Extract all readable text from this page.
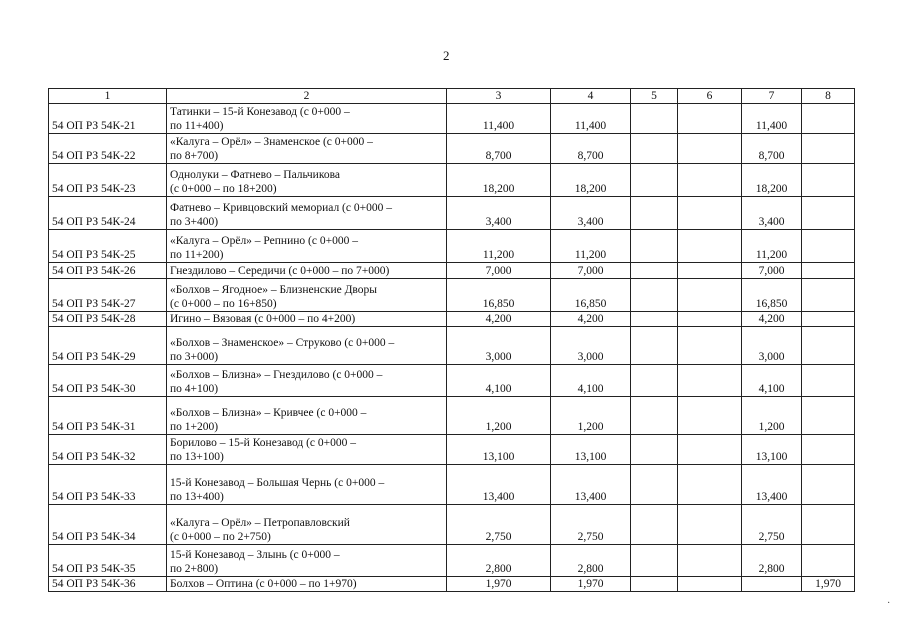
2
1	2	3	4	5	6	7	8
54 ОП РЗ 54К-21	Татинки – 15-й Конезавод (с 0+000 –
по 11+400)	11,400	11,400			11,400	
54 ОП РЗ 54К-22	«Калуга – Орёл» – Знаменское (с 0+000 –
по 8+700)	8,700	8,700			8,700	
54 ОП РЗ 54К-23	Однолуки – Фатнево – Пальчикова
(с 0+000 – по 18+200)	18,200	18,200			18,200	
54 ОП РЗ 54К-24	Фатнево – Кривцовский мемориал (с 0+000 –
по 3+400)	3,400	3,400			3,400	
54 ОП РЗ 54К-25	«Калуга – Орёл» – Репнино (с 0+000 –
по 11+200)	11,200	11,200			11,200	
54 ОП РЗ 54К-26	Гнездилово – Середичи (с 0+000 – по 7+000)	7,000	7,000			7,000	
54 ОП РЗ 54К-27	«Болхов – Ягодное» – Близненские Дворы
(с 0+000 – по 16+850)	16,850	16,850			16,850	
54 ОП РЗ 54К-28	Игино – Вязовая (с 0+000 – по 4+200)	4,200	4,200			4,200	
54 ОП РЗ 54К-29	«Болхов – Знаменское» – Струково (с 0+000 –
по 3+000)	3,000	3,000			3,000	
54 ОП РЗ 54К-30	«Болхов – Близна» – Гнездилово (с 0+000 –
по 4+100)	4,100	4,100			4,100	
54 ОП РЗ 54К-31	«Болхов – Близна» – Кривчее (с 0+000 –
по 1+200)	1,200	1,200			1,200	
54 ОП РЗ 54К-32	Борилово – 15-й Конезавод (с 0+000 –
по 13+100)	13,100	13,100			13,100	
54 ОП РЗ 54К-33	15-й Конезавод – Большая Чернь (с 0+000 –
по 13+400)	13,400	13,400			13,400	
54 ОП РЗ 54К-34	«Калуга – Орёл» – Петропавловский
(с 0+000 – по 2+750)	2,750	2,750			2,750	
54 ОП РЗ 54К-35	15-й Конезавод – Злынь (с 0+000 –
по 2+800)	2,800	2,800			2,800	
54 ОП РЗ 54К-36	Болхов – Оптина (с 0+000 – по 1+970)	1,970	1,970				1,970
·
